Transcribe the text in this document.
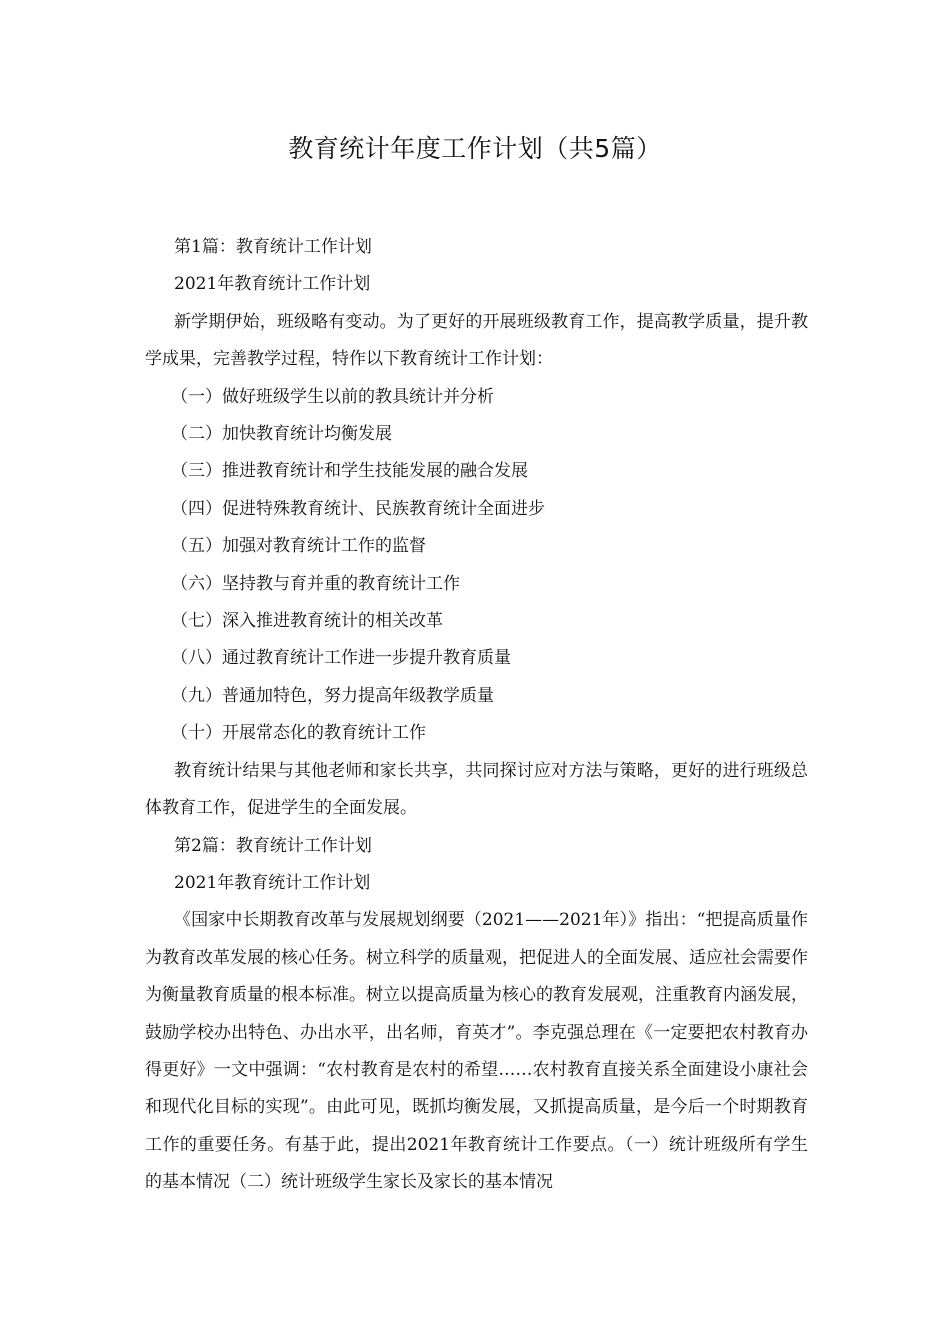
教育统计年度工作计划（共5篇）

第1篇：教育统计工作计划

2021年教育统计工作计划

新学期伊始，班级略有变动。为了更好的开展班级教育工作，提高教学质量，提升教学成果，完善教学过程，特作以下教育统计工作计划：

（一）做好班级学生以前的教具统计并分析

（二）加快教育统计均衡发展

（三）推进教育统计和学生技能发展的融合发展

（四）促进特殊教育统计、民族教育统计全面进步

（五）加强对教育统计工作的监督

（六）坚持教与育并重的教育统计工作

（七）深入推进教育统计的相关改革

（八）通过教育统计工作进一步提升教育质量

（九）普通加特色，努力提高年级教学质量

（十）开展常态化的教育统计工作

教育统计结果与其他老师和家长共享，共同探讨应对方法与策略，更好的进行班级总体教育工作，促进学生的全面发展。

第2篇：教育统计工作计划

2021年教育统计工作计划

《国家中长期教育改革与发展规划纲要（2021——2021年）》指出：“把提高质量作为教育改革发展的核心任务。树立科学的质量观，把促进人的全面发展、适应社会需要作为衡量教育质量的根本标准。树立以提高质量为核心的教育发展观，注重教育内涵发展，鼓励学校办出特色、办出水平，出名师，育英才”。李克强总理在《一定要把农村教育办得更好》一文中强调：“农村教育是农村的希望……农村教育直接关系全面建设小康社会和现代化目标的实现”。由此可见，既抓均衡发展，又抓提高质量，是今后一个时期教育工作的重要任务。有基于此，提出2021年教育统计工作要点。（一）统计班级所有学生的基本情况（二）统计班级学生家长及家长的基本情况
